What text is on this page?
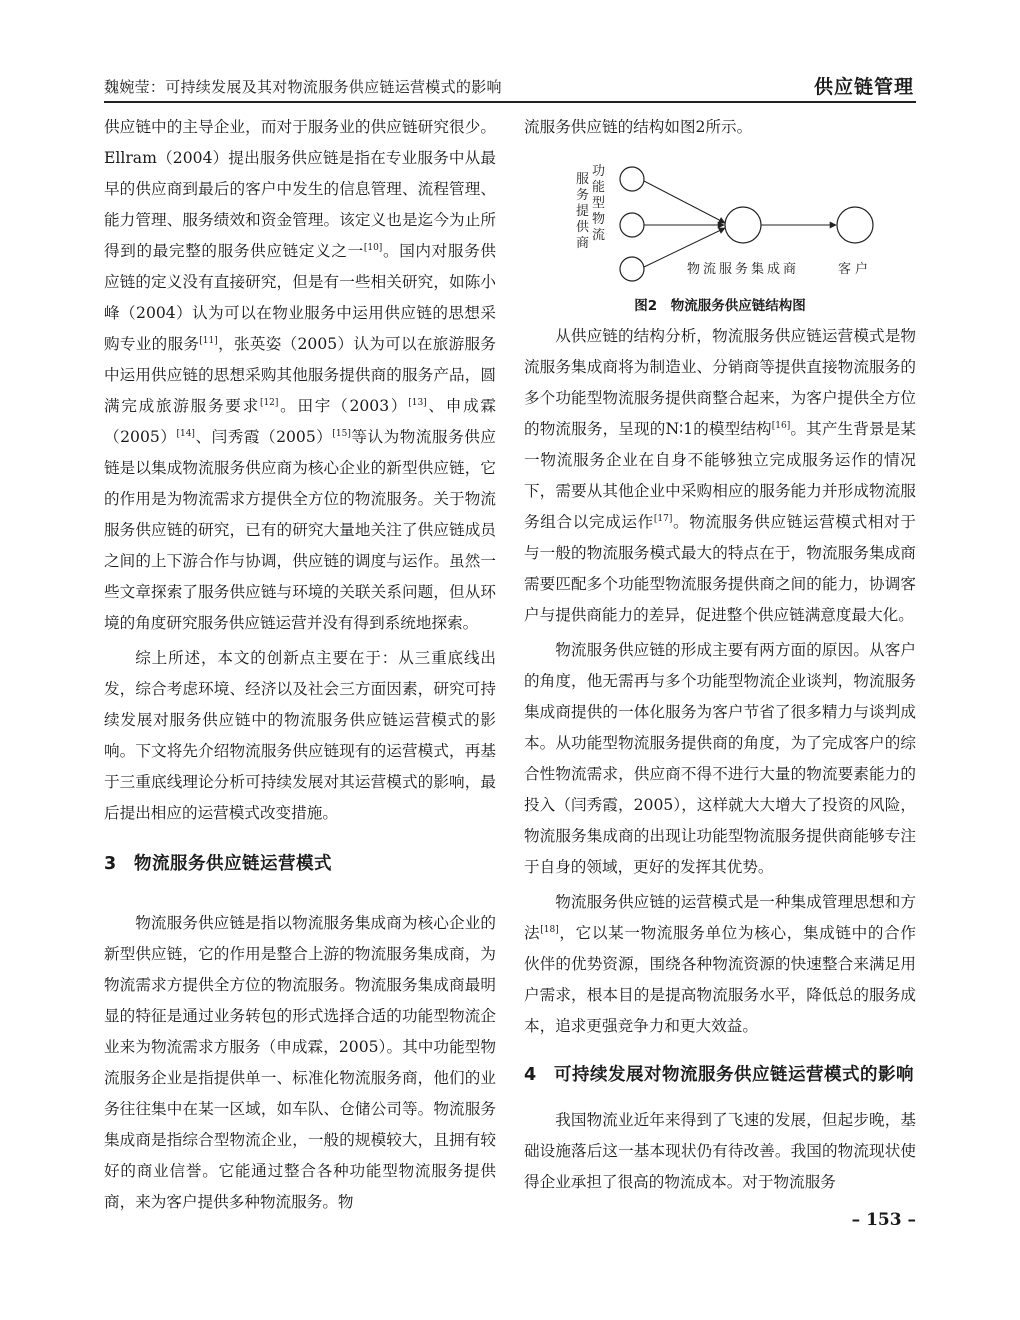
魏婉莹：可持续发展及其对物流服务供应链运营模式的影响	供应链管理

供应链中的主导企业，而对于服务业的供应链研究很少。Ellram（2004）提出服务供应链是指在专业服务中从最早的供应商到最后的客户中发生的信息管理、流程管理、能力管理、服务绩效和资金管理。该定义也是迄今为止所得到的最完整的服务供应链定义之一[10]。国内对服务供应链的定义没有直接研究，但是有一些相关研究，如陈小峰（2004）认为可以在物业服务中运用供应链的思想采购专业的服务[11]，张英姿（2005）认为可以在旅游服务中运用供应链的思想采购其他服务提供商的服务产品，圆满完成旅游服务要求[12]。田宇（2003）[13]、申成霖（2005）[14]、闫秀霞（2005）[15]等认为物流服务供应链是以集成物流服务供应商为核心企业的新型供应链，它的作用是为物流需求方提供全方位的物流服务。关于物流服务供应链的研究，已有的研究大量地关注了供应链成员之间的上下游合作与协调，供应链的调度与运作。虽然一些文章探索了服务供应链与环境的关联关系问题，但从环境的角度研究服务供应链运营并没有得到系统地探索。

综上所述，本文的创新点主要在于：从三重底线出发，综合考虑环境、经济以及社会三方面因素，研究可持续发展对服务供应链中的物流服务供应链运营模式的影响。下文将先介绍物流服务供应链现有的运营模式，再基于三重底线理论分析可持续发展对其运营模式的影响，最后提出相应的运营模式改变措施。

3 物流服务供应链运营模式

物流服务供应链是指以物流服务集成商为核心企业的新型供应链，它的作用是整合上游的物流服务集成商，为物流需求方提供全方位的物流服务。物流服务集成商最明显的特征是通过业务转包的形式选择合适的功能型物流企业来为物流需求方服务（申成霖，2005）。其中功能型物流服务企业是指提供单一、标准化物流服务商，他们的业务往往集中在某一区域，如车队、仓储公司等。物流服务集成商是指综合型物流企业，一般的规模较大，且拥有较好的商业信誉。它能通过整合各种功能型物流服务提供商，来为客户提供多种物流服务。物

流服务供应链的结构如图2所示。

服务提供商
功能型物流
物流服务集成商	客户
图2　物流服务供应链结构图

从供应链的结构分析，物流服务供应链运营模式是物流服务集成商将为制造业、分销商等提供直接物流服务的多个功能型物流服务提供商整合起来，为客户提供全方位的物流服务，呈现的N∶1的模型结构[16]。其产生背景是某一物流服务企业在自身不能够独立完成服务运作的情况下，需要从其他企业中采购相应的服务能力并形成物流服务组合以完成运作[17]。物流服务供应链运营模式相对于与一般的物流服务模式最大的特点在于，物流服务集成商需要匹配多个功能型物流服务提供商之间的能力，协调客户与提供商能力的差异，促进整个供应链满意度最大化。

物流服务供应链的形成主要有两方面的原因。从客户的角度，他无需再与多个功能型物流企业谈判，物流服务集成商提供的一体化服务为客户节省了很多精力与谈判成本。从功能型物流服务提供商的角度，为了完成客户的综合性物流需求，供应商不得不进行大量的物流要素能力的投入（闫秀霞，2005），这样就大大增大了投资的风险，物流服务集成商的出现让功能型物流服务提供商能够专注于自身的领域，更好的发挥其优势。

物流服务供应链的运营模式是一种集成管理思想和方法[18]，它以某一物流服务单位为核心，集成链中的合作伙伴的优势资源，围绕各种物流资源的快速整合来满足用户需求，根本目的是提高物流服务水平，降低总的服务成本，追求更强竞争力和更大效益。

4 可持续发展对物流服务供应链运营模式的影响

我国物流业近年来得到了飞速的发展，但起步晚，基础设施落后这一基本现状仍有待改善。我国的物流现状使得企业承担了很高的物流成本。对于物流服务

– 153 –
